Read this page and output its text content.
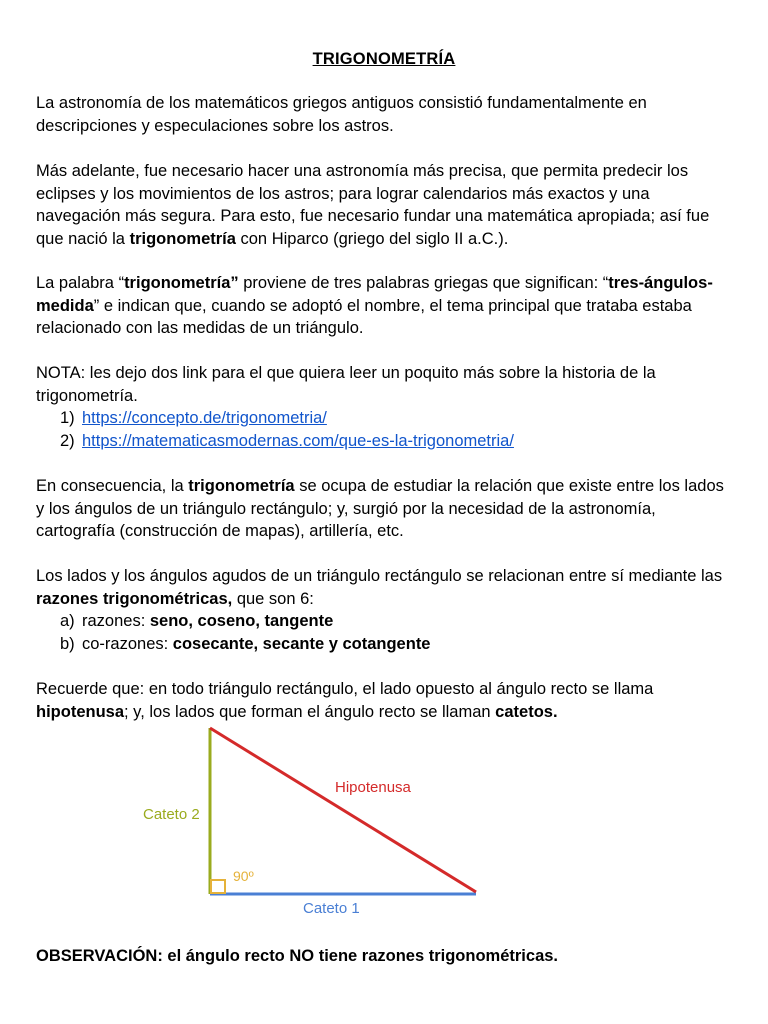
TRIGONOMETRÍA

La astronomía de los matemáticos griegos antiguos consistió fundamentalmente en descripciones y especulaciones sobre los astros.

Más adelante, fue necesario hacer una astronomía más precisa, que permita predecir los eclipses y los movimientos de los astros; para lograr calendarios más exactos y una navegación más segura. Para esto, fue necesario fundar una matemática apropiada; así fue que nació la trigonometría con Hiparco (griego del siglo II a.C.).

La palabra “trigonometría” proviene de tres palabras griegas que significan: “tres-ángulos-medida” e indican que, cuando se adoptó el nombre, el tema principal que trataba estaba relacionado con las medidas de un triángulo.

NOTA: les dejo dos link para el que quiera leer un poquito más sobre la historia de la trigonometría.

1) https://concepto.de/trigonometria/
2) https://matematicasmodernas.com/que-es-la-trigonometria/

En consecuencia, la trigonometría se ocupa de estudiar la relación que existe entre los lados y los ángulos de un triángulo rectángulo; y, surgió por la necesidad de la astronomía, cartografía (construcción de mapas), artillería, etc.

Los lados y los ángulos agudos de un triángulo rectángulo se relacionan entre sí mediante las razones trigonométricas, que son 6:

a) razones: seno, coseno, tangente
b) co-razones: cosecante, secante y cotangente

Recuerde que: en todo triángulo rectángulo, el lado opuesto al ángulo recto se llama hipotenusa; y, los lados que forman el ángulo recto se llaman catetos.

90º
Cateto 2
Hipotenusa
Cateto 1

OBSERVACIÓN: el ángulo recto NO tiene razones trigonométricas.
